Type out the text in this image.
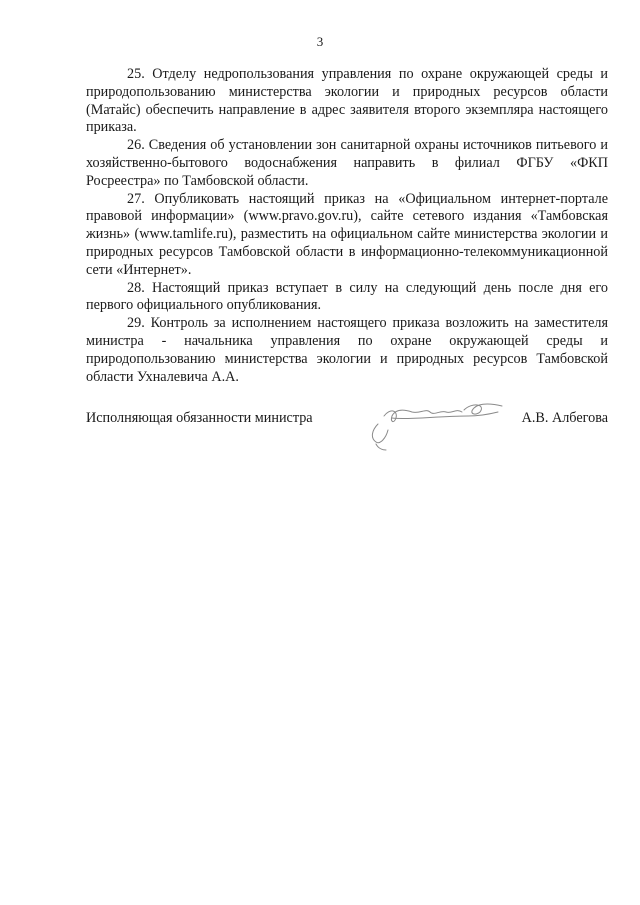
3

25. Отделу недропользования управления по охране окружающей среды и природопользованию министерства экологии и природных ресурсов области (Матайс) обеспечить направление в адрес заявителя второго экземпляра настоящего приказа.

26. Сведения об установлении зон санитарной охраны источников питьевого и хозяйственно-бытового водоснабжения направить в филиал ФГБУ «ФКП Росреестра» по Тамбовской области.

27. Опубликовать настоящий приказ на «Официальном интернет-портале правовой информации» (www.pravo.gov.ru), сайте сетевого издания «Тамбовская жизнь» (www.tamlife.ru), разместить на официальном сайте министерства экологии и природных ресурсов Тамбовской области в информационно-телекоммуникационной сети «Интернет».

28. Настоящий приказ вступает в силу на следующий день после дня его первого официального опубликования.

29. Контроль за исполнением настоящего приказа возложить на заместителя министра - начальника управления по охране окружающей среды и природопользованию министерства экологии и природных ресурсов Тамбовской области Ухналевича А.А.

Исполняющая обязанности министра	А.В. Албегова
